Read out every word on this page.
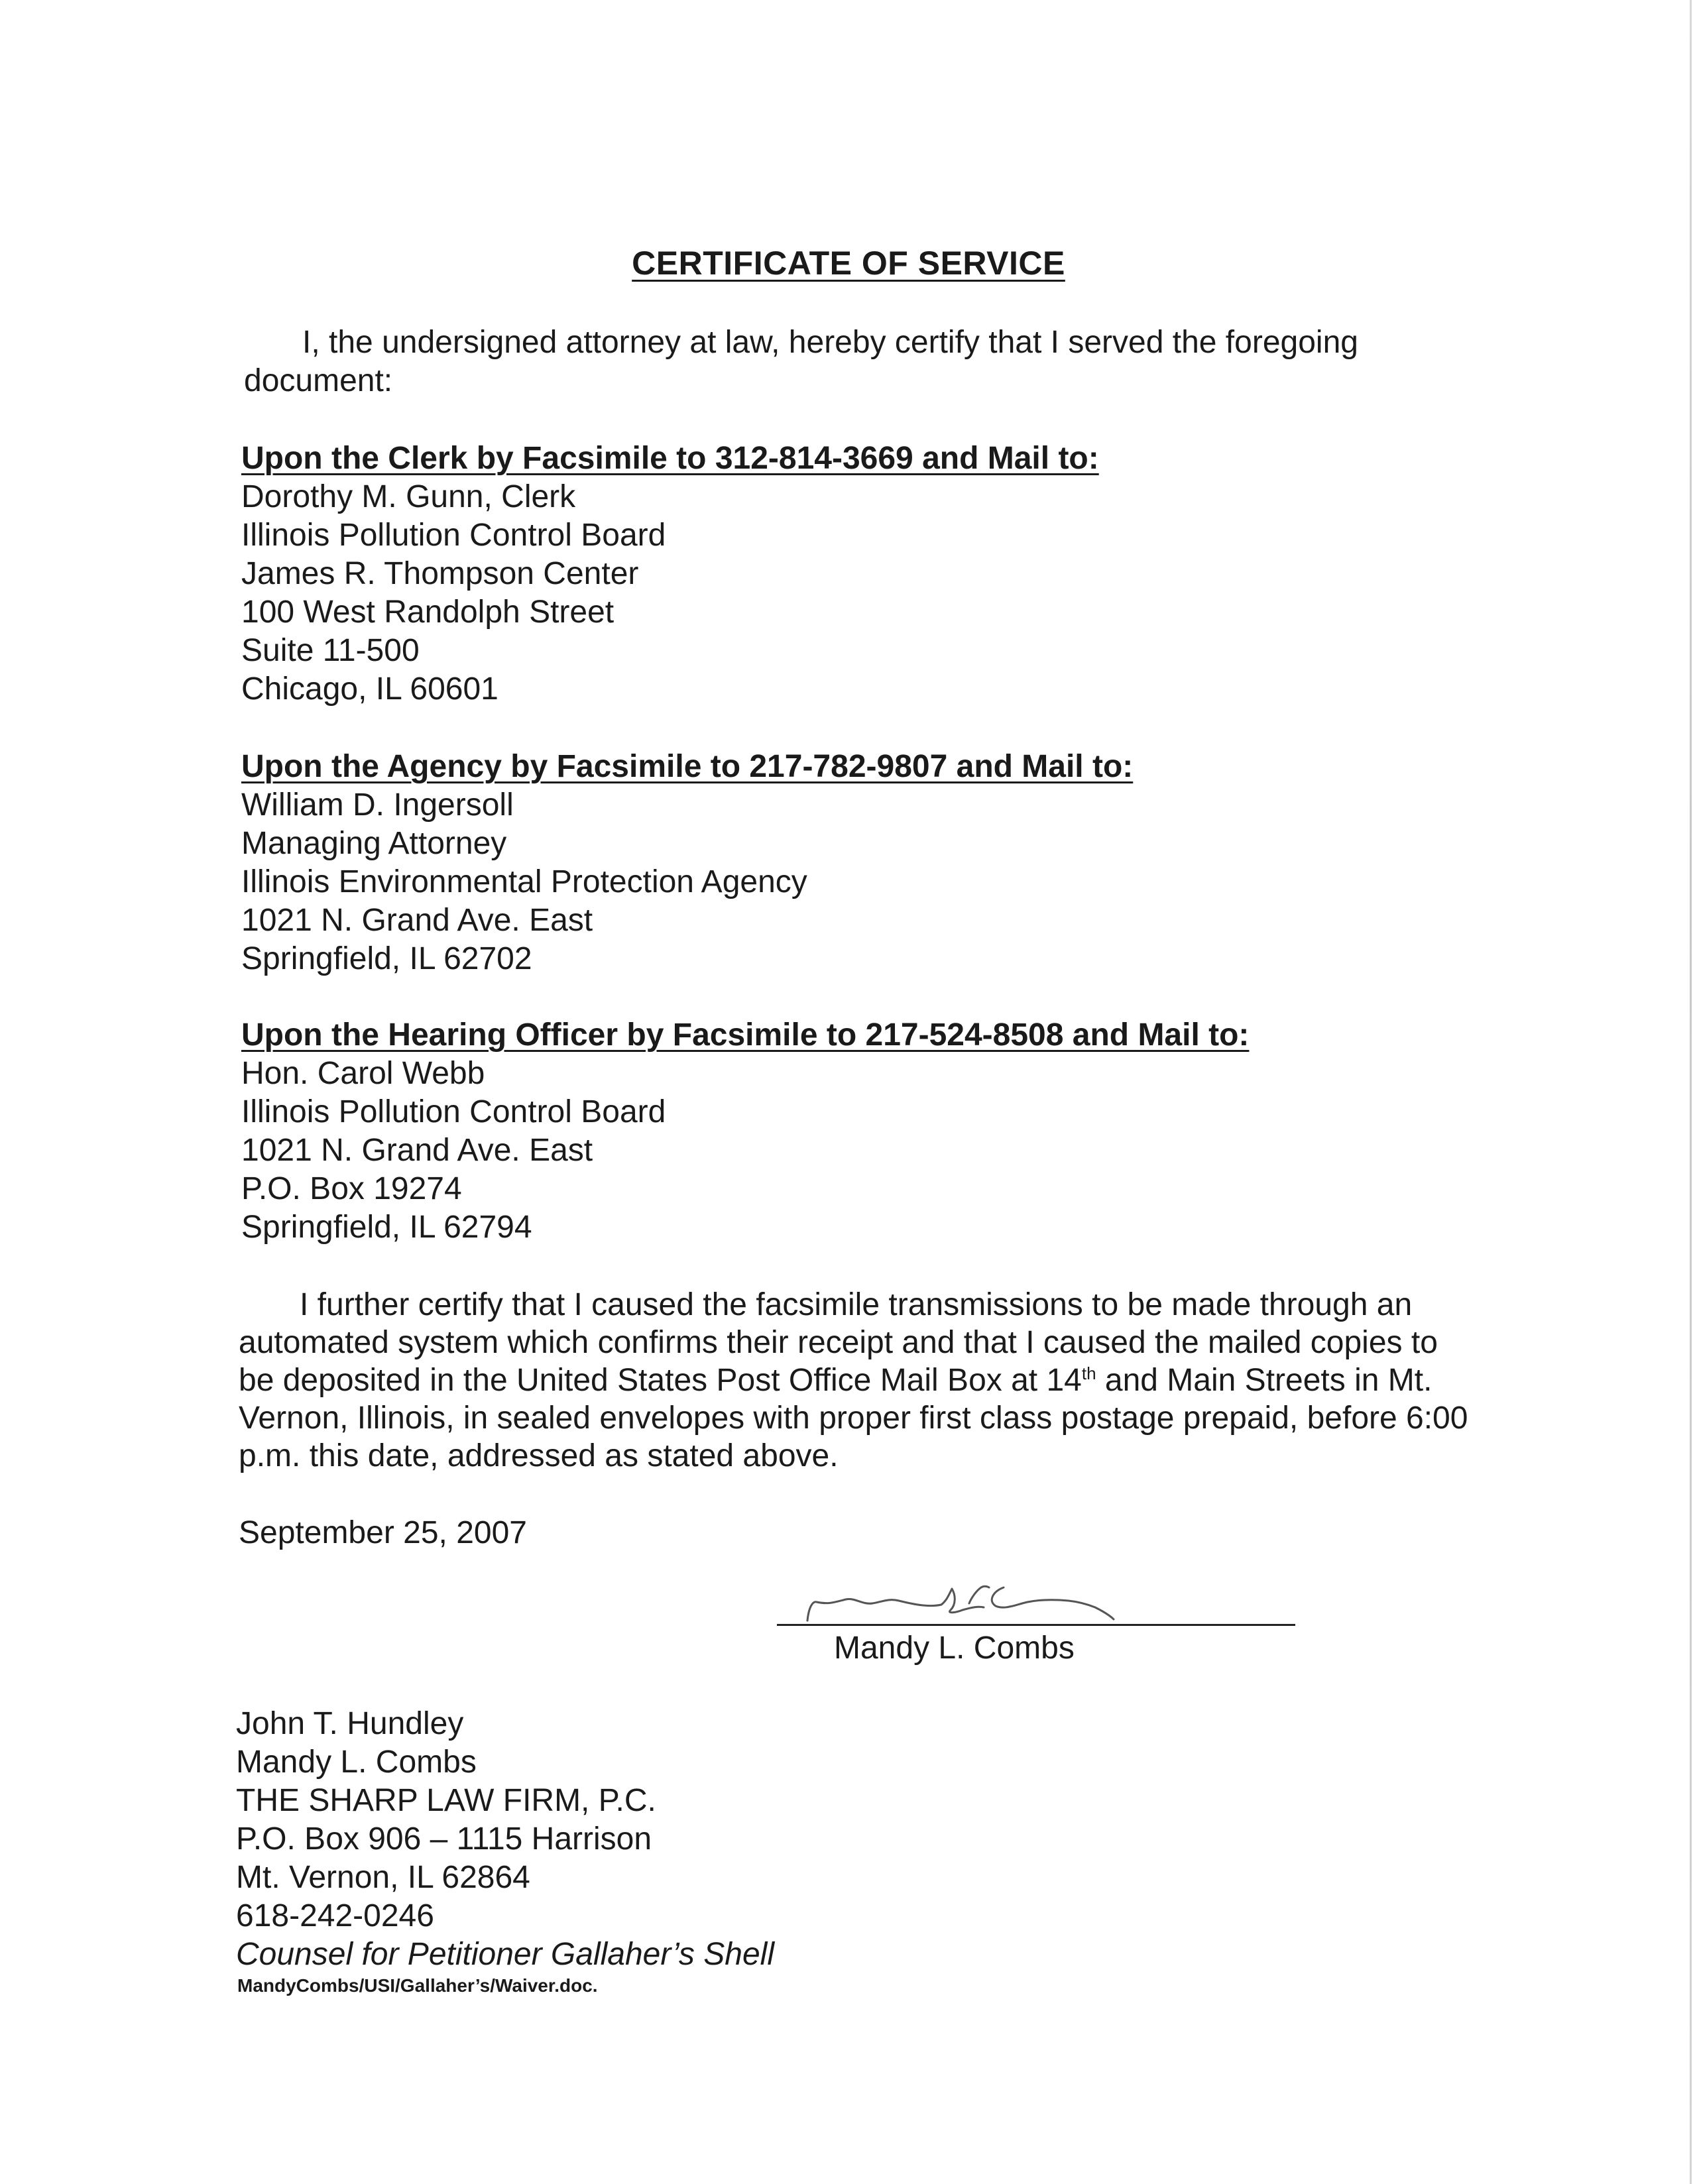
CERTIFICATE OF SERVICE
I, the undersigned attorney at law, hereby certify that I served the foregoing document:
Upon the Clerk by Facsimile to 312-814-3669 and Mail to:
Dorothy M. Gunn, Clerk
Illinois Pollution Control Board
James R. Thompson Center
100 West Randolph Street
Suite 11-500
Chicago, IL 60601
Upon the Agency by Facsimile to 217-782-9807 and Mail to:
William D. Ingersoll
Managing Attorney
Illinois Environmental Protection Agency
1021 N. Grand Ave. East
Springfield, IL 62702
Upon the Hearing Officer by Facsimile to 217-524-8508 and Mail to:
Hon. Carol Webb
Illinois Pollution Control Board
1021 N. Grand Ave. East
P.O. Box 19274
Springfield, IL 62794
I further certify that I caused the facsimile transmissions to be made through an automated system which confirms their receipt and that I caused the mailed copies to be deposited in the United States Post Office Mail Box at 14th and Main Streets in Mt. Vernon, Illinois, in sealed envelopes with proper first class postage prepaid, before 6:00 p.m. this date, addressed as stated above.
September 25, 2007
Mandy L. Combs
John T. Hundley
Mandy L. Combs
THE SHARP LAW FIRM, P.C.
P.O. Box 906 – 1115 Harrison
Mt. Vernon, IL 62864
618-242-0246
Counsel for Petitioner Gallaher’s Shell
MandyCombs/USI/Gallaher’s/Waiver.doc.
